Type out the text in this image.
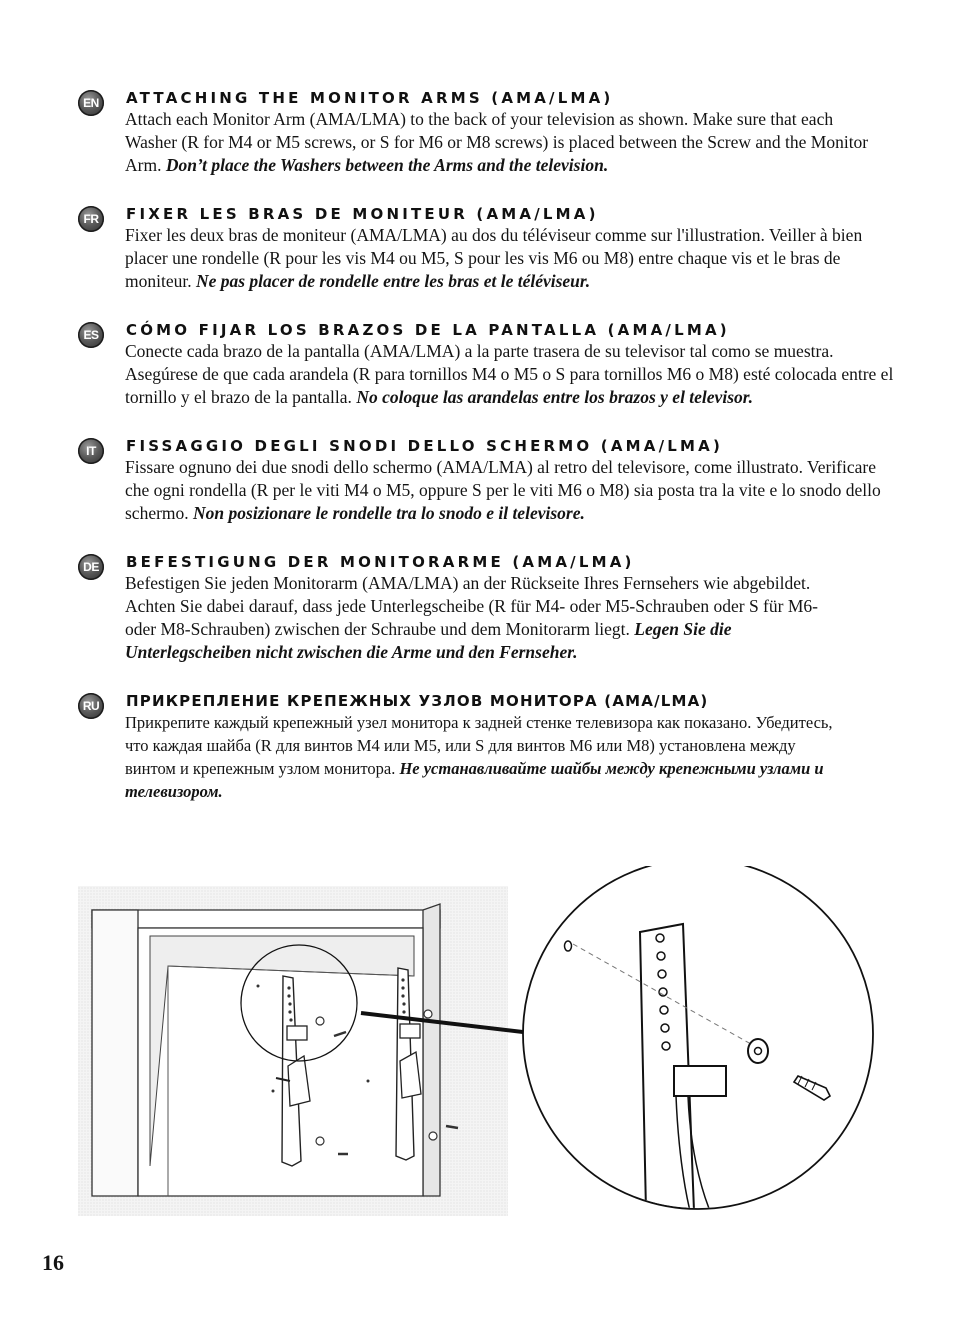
EN	ATTACHING THE MONITOR ARMS (AMA/LMA)
Attach each Monitor Arm (AMA/LMA) to the back of your television as shown. Make sure that each Washer (R for M4 or M5 screws, or S for M6 or M8 screws) is placed between the Screw and the Monitor Arm. Don’t place the Washers between the Arms and the television.
FR	FIXER LES BRAS DE MONITEUR (AMA/LMA)
Fixer les deux bras de moniteur (AMA/LMA) au dos du téléviseur comme sur l'illustration. Veiller à bien placer une rondelle (R pour les vis M4 ou M5, S pour les vis M6 ou M8) entre chaque vis et le bras de moniteur. Ne pas placer de rondelle entre les bras et le téléviseur.
ES	CÓMO FIJAR LOS BRAZOS DE LA PANTALLA (AMA/LMA)
Conecte cada brazo de la pantalla (AMA/LMA) a la parte trasera de su televisor tal como se muestra. Asegúrese de que cada arandela (R para tornillos M4 o M5 o S para tornillos M6 o M8) esté colocada entre el tornillo y el brazo de la pantalla. No coloque las arandelas entre los brazos y el televisor.
IT	FISSAGGIO DEGLI SNODI DELLO SCHERMO (AMA/LMA)
Fissare ognuno dei due snodi dello schermo (AMA/LMA) al retro del televisore, come illustrato. Verificare che ogni rondella (R per le viti M4 o M5, oppure S per le viti M6 o M8) sia posta tra la vite e lo snodo dello schermo. Non posizionare le rondelle tra lo snodo e il televisore.
DE	BEFESTIGUNG DER MONITORARME (AMA/LMA)
Befestigen Sie jeden Monitorarm (AMA/LMA) an der Rückseite Ihres Fernsehers wie abgebildet. Achten Sie dabei darauf, dass jede Unterlegscheibe (R für M4- oder M5-Schrauben oder S für M6- oder M8-Schrauben) zwischen der Schraube und dem Monitorarm liegt. Legen Sie die Unterlegscheiben nicht zwischen die Arme und den Fernseher.
RU	ПРИКРЕПЛЕНИЕ КРЕПЕЖНЫХ УЗЛОВ МОНИТОРА (AMA/LMA)
Прикрепите каждый крепежный узел монитора к задней стенке телевизора как показано. Убедитесь, что каждая шайба (R для винтов M4 или M5, или S для винтов M6 или M8) установлена между винтом и крепежным узлом монитора. Не устанавливайте шайбы между крепежными узлами и телевизором.
16
